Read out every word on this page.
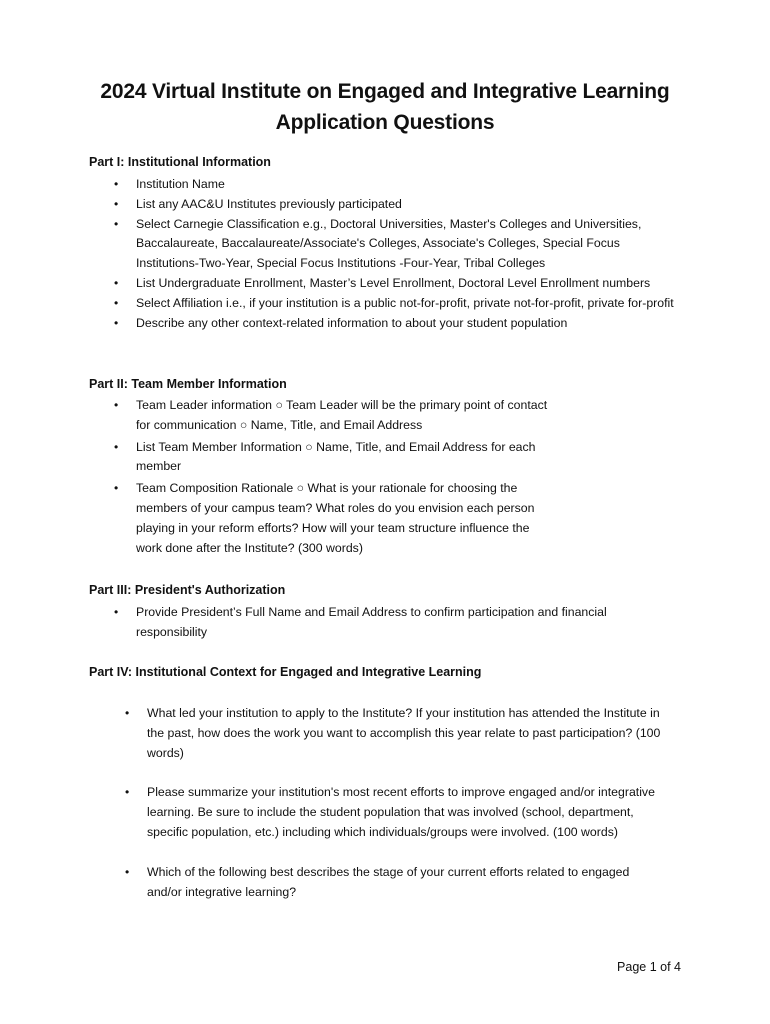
2024 Virtual Institute on Engaged and Integrative Learning
Application Questions
Part I: Institutional Information
• Institution Name
• List any AAC&U Institutes previously participated
• Select Carnegie Classification e.g., Doctoral Universities, Master's Colleges and Universities, Baccalaureate, Baccalaureate/Associate's Colleges, Associate's Colleges, Special Focus Institutions-Two-Year, Special Focus Institutions -Four-Year, Tribal Colleges
• List Undergraduate Enrollment, Master’s Level Enrollment, Doctoral Level Enrollment numbers
• Select Affiliation i.e., if your institution is a public not-for-profit, private not-for-profit, private for-profit
• Describe any other context-related information to about your student population
Part II: Team Member Information
• Team Leader information ○ Team Leader will be the primary point of contact for communication ○ Name, Title, and Email Address
• List Team Member Information ○ Name, Title, and Email Address for each member
• Team Composition Rationale ○ What is your rationale for choosing the members of your campus team? What roles do you envision each person playing in your reform efforts? How will your team structure influence the work done after the Institute? (300 words)
Part III: President's Authorization
• Provide President’s Full Name and Email Address to confirm participation and financial responsibility
Part IV: Institutional Context for Engaged and Integrative Learning
• What led your institution to apply to the Institute? If your institution has attended the Institute in the past, how does the work you want to accomplish this year relate to past participation? (100 words)
• Please summarize your institution's most recent efforts to improve engaged and/or integrative learning. Be sure to include the student population that was involved (school, department, specific population, etc.) including which individuals/groups were involved. (100 words)
• Which of the following best describes the stage of your current efforts related to engaged and/or integrative learning?
Page 1 of 4
